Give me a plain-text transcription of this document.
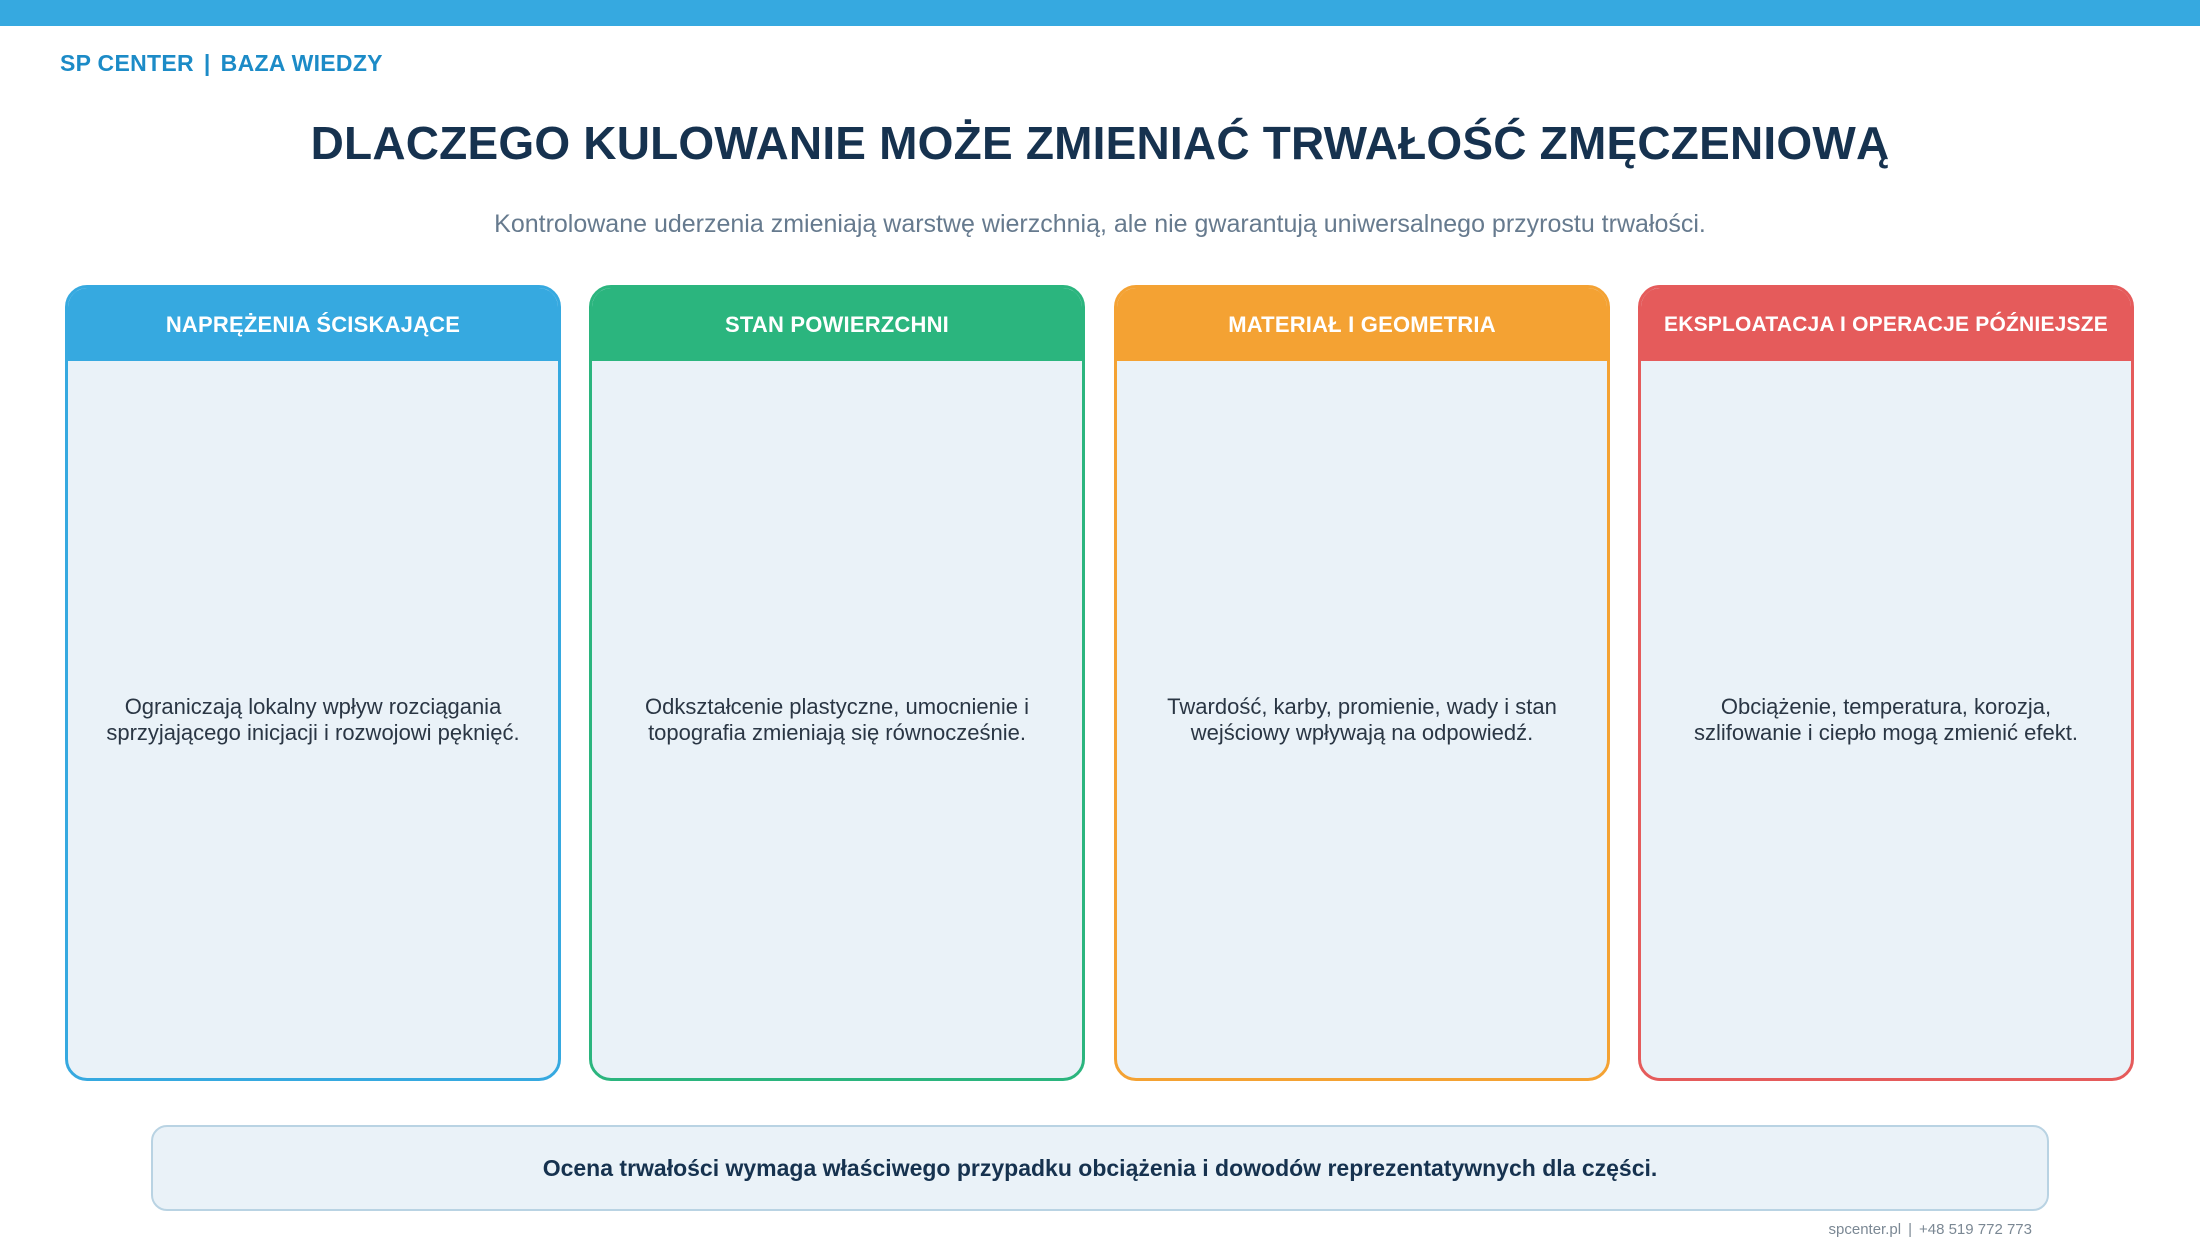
SP CENTER | BAZA WIEDZY
DLACZEGO KULOWANIE MOŻE ZMIENIAĆ TRWAŁOŚĆ ZMĘCZENIOWĄ
Kontrolowane uderzenia zmieniają warstwę wierzchnią, ale nie gwarantują uniwersalnego przyrostu trwałości.
NAPRĘŻENIA ŚCISKAJĄCE
Ograniczają lokalny wpływ rozciągania sprzyjającego inicjacji i rozwojowi pęknięć.
STAN POWIERZCHNI
Odkształcenie plastyczne, umocnienie i topografia zmieniają się równocześnie.
MATERIAŁ I GEOMETRIA
Twardość, karby, promienie, wady i stan wejściowy wpływają na odpowiedź.
EKSPLOATACJA I OPERACJE PÓŹNIEJSZE
Obciążenie, temperatura, korozja, szlifowanie i ciepło mogą zmienić efekt.
Ocena trwałości wymaga właściwego przypadku obciążenia i dowodów reprezentatywnych dla części.
spcenter.pl | +48 519 772 773
